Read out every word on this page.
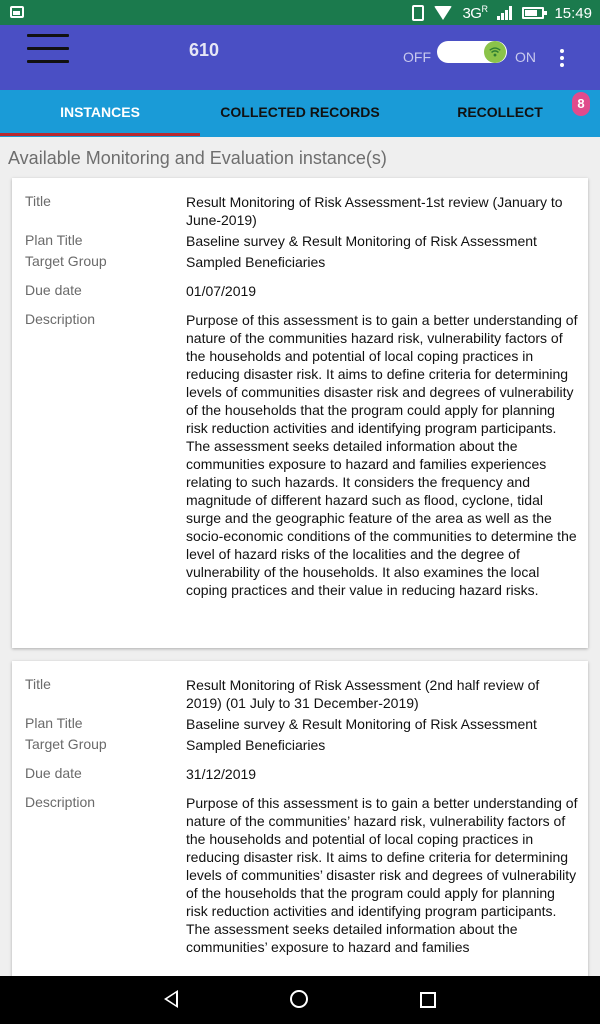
$3G^R$	15:49
610	OFF	ON
INSTANCES	COLLECTED RECORDS	RECOLLECT
8
Available Monitoring and Evaluation instance(s)
Title	Result Monitoring of Risk Assessment-1st review (January to June-2019)
Plan Title	Baseline survey & Result Monitoring of Risk Assessment
Target Group	Sampled Beneficiaries
Due date	01/07/2019
Description	Purpose of this assessment is to gain a better understanding of nature of the communities hazard risk, vulnerability factors of the households and potential of local coping practices in reducing disaster risk. It aims to define criteria for determining levels of communities disaster risk and degrees of vulnerability of the households that the program could apply for planning risk reduction activities and identifying program participants. The assessment seeks detailed information about the communities exposure to hazard and families experiences relating to such hazards. It considers the frequency and magnitude of different hazard such as flood, cyclone, tidal surge and the geographic feature of the area as well as the socio-economic conditions of the communities to determine the level of hazard risks of the localities and the degree of vulnerability of the households. It also examines the local coping practices and their value in reducing hazard risks.
Title	Result Monitoring of Risk Assessment (2nd half review of 2019) (01 July to 31 December-2019)
Plan Title	Baseline survey & Result Monitoring of Risk Assessment
Target Group	Sampled Beneficiaries
Due date	31/12/2019
Description	Purpose of this assessment is to gain a better understanding of nature of the communities’ hazard risk, vulnerability factors of the households and potential of local coping practices in reducing disaster risk. It aims to define criteria for determining levels of communities’ disaster risk and degrees of vulnerability of the households that the program could apply for planning risk reduction activities and identifying program participants. The assessment seeks detailed information about the communities’ exposure to hazard and families
